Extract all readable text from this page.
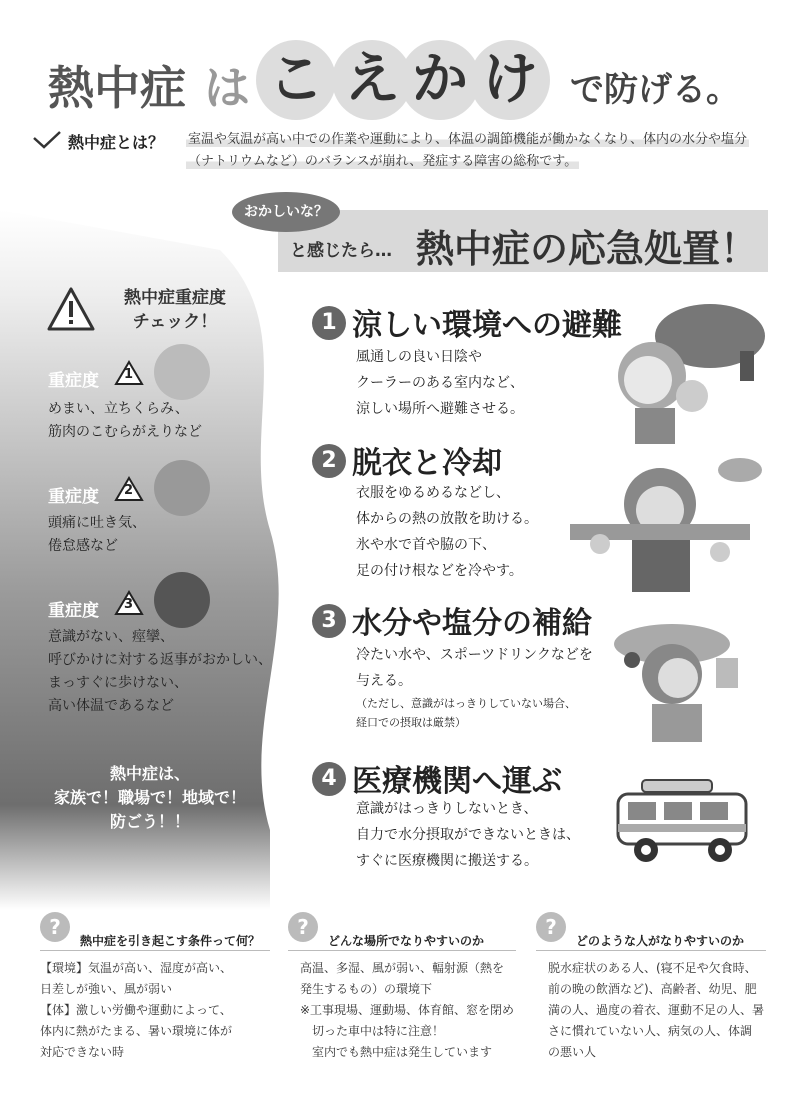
熱中症 は こ え か け で防げる。
熱中症とは？ 室温や気温が高い中での作業や運動により、体温の調節機能が働かなくなり、体内の水分や塩分
（ナトリウムなど）のバランスが崩れ、発症する障害の総称です。
おかしいな？
と感じたら… 熱中症の応急処置！
熱中症重症度
チェック！
重症度 1
めまい、立ちくらみ、
筋肉のこむらがえりなど
重症度 2
頭痛に吐き気、
倦怠感など
重症度 3
意識がない、痙攣、
呼びかけに対する返事がおかしい、
まっすぐに歩けない、
高い体温であるなど
熱中症は、
家族で！職場で！地域で！
防ごう！！
1 涼しい環境への避難
風通しの良い日陰や
クーラーのある室内など、
涼しい場所へ避難させる。
2 脱衣と冷却
衣服をゆるめるなどし、
体からの熱の放散を助ける。
氷や水で首や脇の下、
足の付け根などを冷やす。
3 水分や塩分の補給
冷たい水や、スポーツドリンクなどを
与える。
（ただし、意識がはっきりしていない場合、
経口での摂取は厳禁）
4 医療機関へ運ぶ
意識がはっきりしないとき、
自力で水分摂取ができないときは、
すぐに医療機関に搬送する。
?
熱中症を引き起こす条件って何？
【環境】気温が高い、湿度が高い、
日差しが強い、風が弱い
【体】激しい労働や運動によって、
体内に熱がたまる、暑い環境に体が
対応できない時
?
どんな場所でなりやすいのか
高温、多湿、風が弱い、輻射源（熱を
発生するもの）の環境下
※工事現場、運動場、体育館、窓を閉め
　切った車中は特に注意！
　室内でも熱中症は発生しています
?
どのような人がなりやすいのか
脱水症状のある人、(寝不足や欠食時、
前の晩の飲酒など)、高齢者、幼児、肥
満の人、過度の着衣、運動不足の人、暑
さに慣れていない人、病気の人、体調
の悪い人
